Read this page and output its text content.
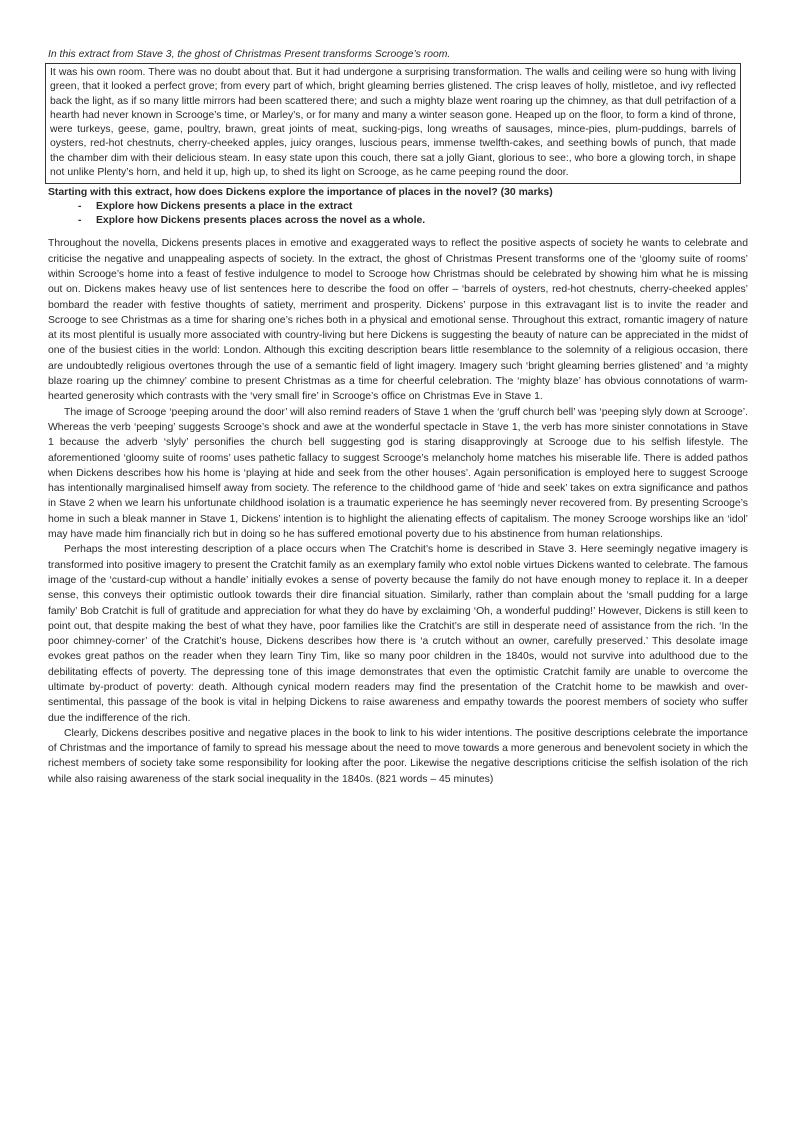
In this extract from Stave 3, the ghost of Christmas Present transforms Scrooge’s room.

It was his own room. There was no doubt about that. But it had undergone a surprising transformation. The walls and ceiling were so hung with living green, that it looked a perfect grove; from every part of which, bright gleaming berries glistened. The crisp leaves of holly, mistletoe, and ivy reflected back the light, as if so many little mirrors had been scattered there; and such a mighty blaze went roaring up the chimney, as that dull petrifaction of a hearth had never known in Scrooge’s time, or Marley’s, or for many and many a winter season gone. Heaped up on the floor, to form a kind of throne, were turkeys, geese, game, poultry, brawn, great joints of meat, sucking-pigs, long wreaths of sausages, mince-pies, plum-puddings, barrels of oysters, red-hot chestnuts, cherry-cheeked apples, juicy oranges, luscious pears, immense twelfth-cakes, and seething bowls of punch, that made the chamber dim with their delicious steam. In easy state upon this couch, there sat a jolly Giant, glorious to see:, who bore a glowing torch, in shape not unlike Plenty’s horn, and held it up, high up, to shed its light on Scrooge, as he came peeping round the door.

Starting with this extract, how does Dickens explore the importance of places in the novel? (30 marks)

- Explore how Dickens presents a place in the extract
- Explore how Dickens presents places across the novel as a whole.

Throughout the novella, Dickens presents places in emotive and exaggerated ways to reflect the positive aspects of society he wants to celebrate and criticise the negative and unappealing aspects of society. In the extract, the ghost of Christmas Present transforms one of the ‘gloomy suite of rooms’ within Scrooge’s home into a feast of festive indulgence to model to Scrooge how Christmas should be celebrated by showing him what he is missing out on. Dickens makes heavy use of list sentences here to describe the food on offer – ‘barrels of oysters, red-hot chestnuts, cherry-cheeked apples’ bombard the reader with festive thoughts of satiety, merriment and prosperity. Dickens’ purpose in this extravagant list is to invite the reader and Scrooge to see Christmas as a time for sharing one’s riches both in a physical and emotional sense. Throughout this extract, romantic imagery of nature at its most plentiful is usually more associated with country-living but here Dickens is suggesting the beauty of nature can be appreciated in the midst of one of the busiest cities in the world: London. Although this exciting description bears little resemblance to the solemnity of a religious occasion, there are undoubtedly religious overtones through the use of a semantic field of light imagery. Imagery such ‘bright gleaming berries glistened’ and ‘a mighty blaze roaring up the chimney’ combine to present Christmas as a time for cheerful celebration. The ‘mighty blaze’ has obvious connotations of warm-hearted generosity which contrasts with the ‘very small fire’ in Scrooge’s office on Christmas Eve in Stave 1.

The image of Scrooge ‘peeping around the door’ will also remind readers of Stave 1 when the ‘gruff church bell’ was ‘peeping slyly down at Scrooge’. Whereas the verb ‘peeping’ suggests Scrooge’s shock and awe at the wonderful spectacle in Stave 1, the verb has more sinister connotations in Stave 1 because the adverb ‘slyly’ personifies the church bell suggesting god is staring disapprovingly at Scrooge due to his selfish lifestyle. The aforementioned ‘gloomy suite of rooms’ uses pathetic fallacy to suggest Scrooge’s melancholy home matches his miserable life. There is added pathos when Dickens describes how his home is ‘playing at hide and seek from the other houses’. Again personification is employed here to suggest Scrooge has intentionally marginalised himself away from society. The reference to the childhood game of ‘hide and seek’ takes on extra significance and pathos in Stave 2 when we learn his unfortunate childhood isolation is a traumatic experience he has seemingly never recovered from. By presenting Scrooge’s home in such a bleak manner in Stave 1, Dickens’ intention is to highlight the alienating effects of capitalism. The money Scrooge worships like an ‘idol’ may have made him financially rich but in doing so he has suffered emotional poverty due to his abstinence from human relationships.

Perhaps the most interesting description of a place occurs when The Cratchit’s home is described in Stave 3. Here seemingly negative imagery is transformed into positive imagery to present the Cratchit family as an exemplary family who extol noble virtues Dickens wanted to celebrate. The famous image of the ‘custard-cup without a handle’ initially evokes a sense of poverty because the family do not have enough money to replace it. In a deeper sense, this conveys their optimistic outlook towards their dire financial situation. Similarly, rather than complain about the ‘small pudding for a large family’ Bob Cratchit is full of gratitude and appreciation for what they do have by exclaiming ‘Oh, a wonderful pudding!’ However, Dickens is still keen to point out, that despite making the best of what they have, poor families like the Cratchit’s are still in desperate need of assistance from the rich. ‘In the poor chimney-corner’ of the Cratchit’s house, Dickens describes how there is ‘a crutch without an owner, carefully preserved.’ This desolate image evokes great pathos on the reader when they learn Tiny Tim, like so many poor children in the 1840s, would not survive into adulthood due to the debilitating effects of poverty. The depressing tone of this image demonstrates that even the optimistic Cratchit family are unable to overcome the ultimate by-product of poverty: death. Although cynical modern readers may find the presentation of the Cratchit home to be mawkish and over-sentimental, this passage of the book is vital in helping Dickens to raise awareness and empathy towards the poorest members of society who suffer due the indifference of the rich.

Clearly, Dickens describes positive and negative places in the book to link to his wider intentions. The positive descriptions celebrate the importance of Christmas and the importance of family to spread his message about the need to move towards a more generous and benevolent society in which the richest members of society take some responsibility for looking after the poor. Likewise the negative descriptions criticise the selfish isolation of the rich while also raising awareness of the stark social inequality in the 1840s. (821 words – 45 minutes)
